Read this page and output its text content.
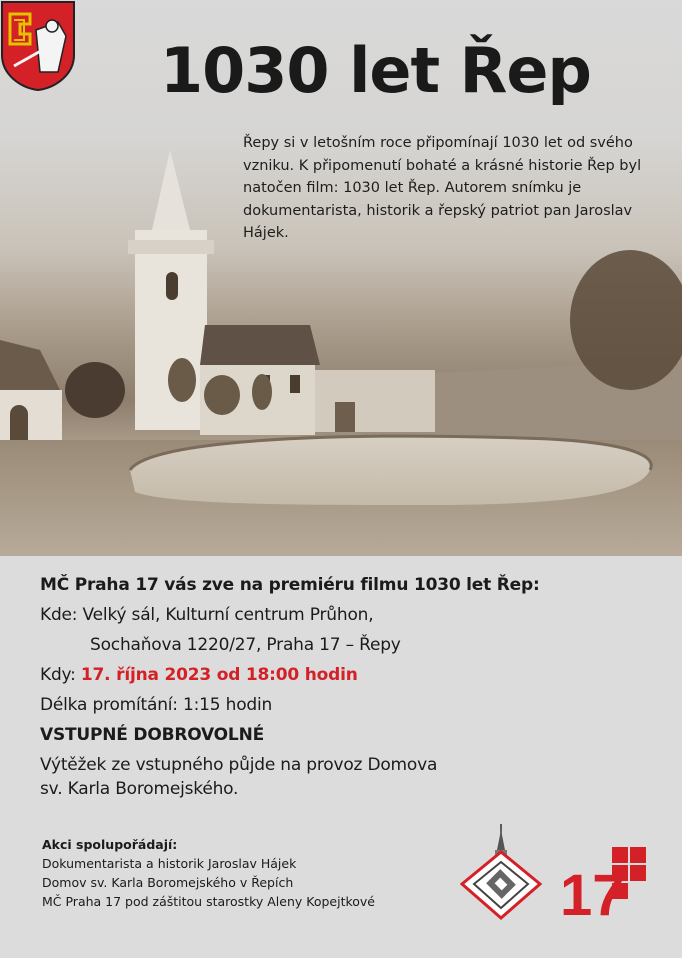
1030 let Řep
Řepy si v letošním roce připomínají 1030 let od svého vzniku. K připomenutí bohaté a krásné historie Řep byl natočen film: 1030 let Řep. Autorem snímku je dokumentarista, historik a řepský patriot pan Jaroslav Hájek.
MČ Praha 17 vás zve na premiéru filmu 1030 let Řep:
Kde: Velký sál, Kulturní centrum Průhon,
Sochaňova 1220/27, Praha 17 – Řepy
Kdy: 17. října 2023 od 18:00 hodin
Délka promítání: 1:15 hodin
VSTUPNÉ DOBROVOLNÉ
Výtěžek ze vstupného půjde na provoz Domova
sv. Karla Boromejského.
Akci spolupořádají:
Dokumentarista a historik Jaroslav Hájek
Domov sv. Karla Boromejského v Řepích
MČ Praha 17 pod záštitou starostky Aleny Kopejtkové	17
